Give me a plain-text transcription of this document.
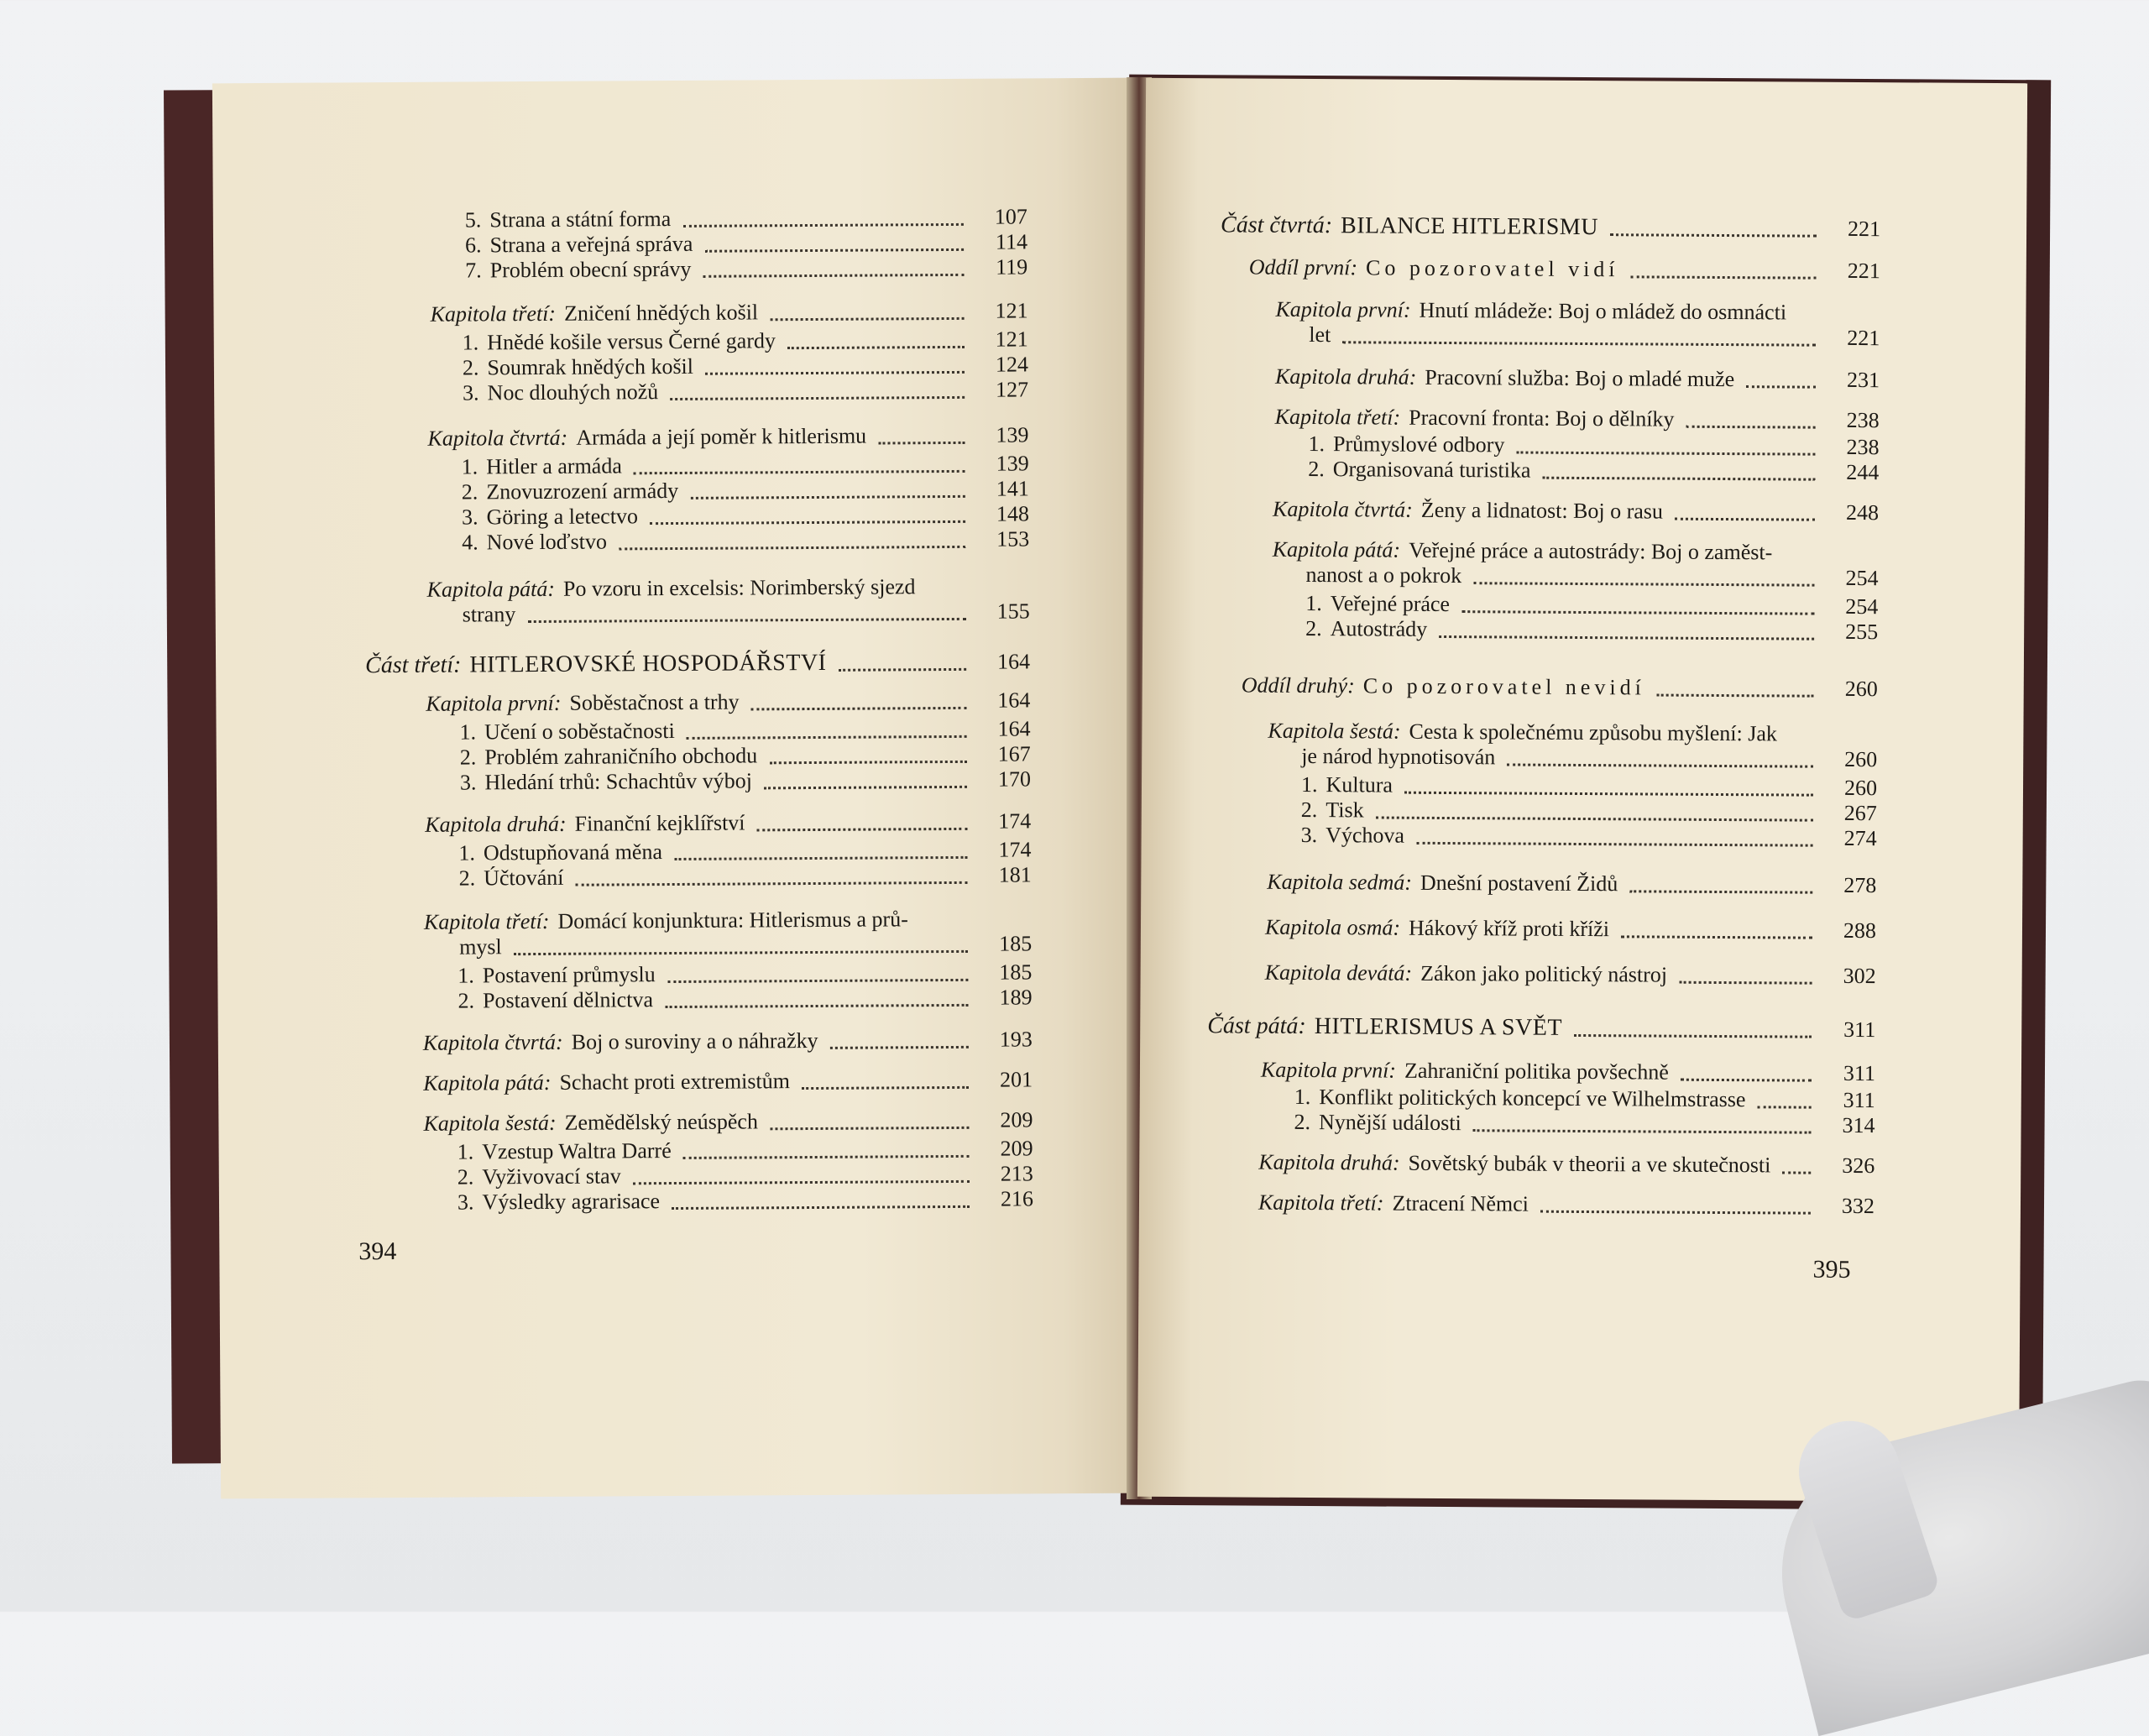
5. Strana a státní forma	107
6. Strana a veřejná správa	114
7. Problém obecní správy	119
Kapitola třetí: Zničení hnědých košil	121
1. Hnědé košile versus Černé gardy	121
2. Soumrak hnědých košil	124
3. Noc dlouhých nožů	127
Kapitola čtvrtá: Armáda a její poměr k hitlerismu	139
1. Hitler a armáda	139
2. Znovuzrození armády	141
3. Göring a letectvo	148
4. Nové loďstvo	153
Kapitola pátá: Po vzoru in excelsis: Norimberský sjezd
strany	155
Část třetí: HITLEROVSKÉ HOSPODÁŘSTVÍ	164
Kapitola první: Soběstačnost a trhy	164
1. Učení o soběstačnosti	164
2. Problém zahraničního obchodu	167
3. Hledání trhů: Schachtův výboj	170
Kapitola druhá: Finanční kejklířství	174
1. Odstupňovaná měna	174
2. Účtování	181
Kapitola třetí: Domácí konjunktura: Hitlerismus a prů-
mysl	185
1. Postavení průmyslu	185
2. Postavení dělnictva	189
Kapitola čtvrtá: Boj o suroviny a o náhražky	193
Kapitola pátá: Schacht proti extremistům	201
Kapitola šestá: Zemědělský neúspěch	209
1. Vzestup Waltra Darré	209
2. Vyživovací stav	213
3. Výsledky agrarisace	216
394
Část čtvrtá: BILANCE HITLERISMU	221
Oddíl první: Co pozorovatel vidí	221
Kapitola první: Hnutí mládeže: Boj o mládež do osmnácti
let	221
Kapitola druhá: Pracovní služba: Boj o mladé muže	231
Kapitola třetí: Pracovní fronta: Boj o dělníky	238
1. Průmyslové odbory	238
2. Organisovaná turistika	244
Kapitola čtvrtá: Ženy a lidnatost: Boj o rasu	248
Kapitola pátá: Veřejné práce a autostrády: Boj o zaměst-
nanost a o pokrok	254
1. Veřejné práce	254
2. Autostrády	255
Oddíl druhý: Co pozorovatel nevidí	260
Kapitola šestá: Cesta k společnému způsobu myšlení: Jak
je národ hypnotisován	260
1. Kultura	260
2. Tisk	267
3. Výchova	274
Kapitola sedmá: Dnešní postavení Židů	278
Kapitola osmá: Hákový kříž proti kříži	288
Kapitola devátá: Zákon jako politický nástroj	302
Část pátá: HITLERISMUS A SVĚT	311
Kapitola první: Zahraniční politika povšechně	311
1. Konflikt politických koncepcí ve Wilhelmstrasse	311
2. Nynější události	314
Kapitola druhá: Sovětský bubák v theorii a ve skutečnosti	326
Kapitola třetí: Ztracení Němci	332
395
